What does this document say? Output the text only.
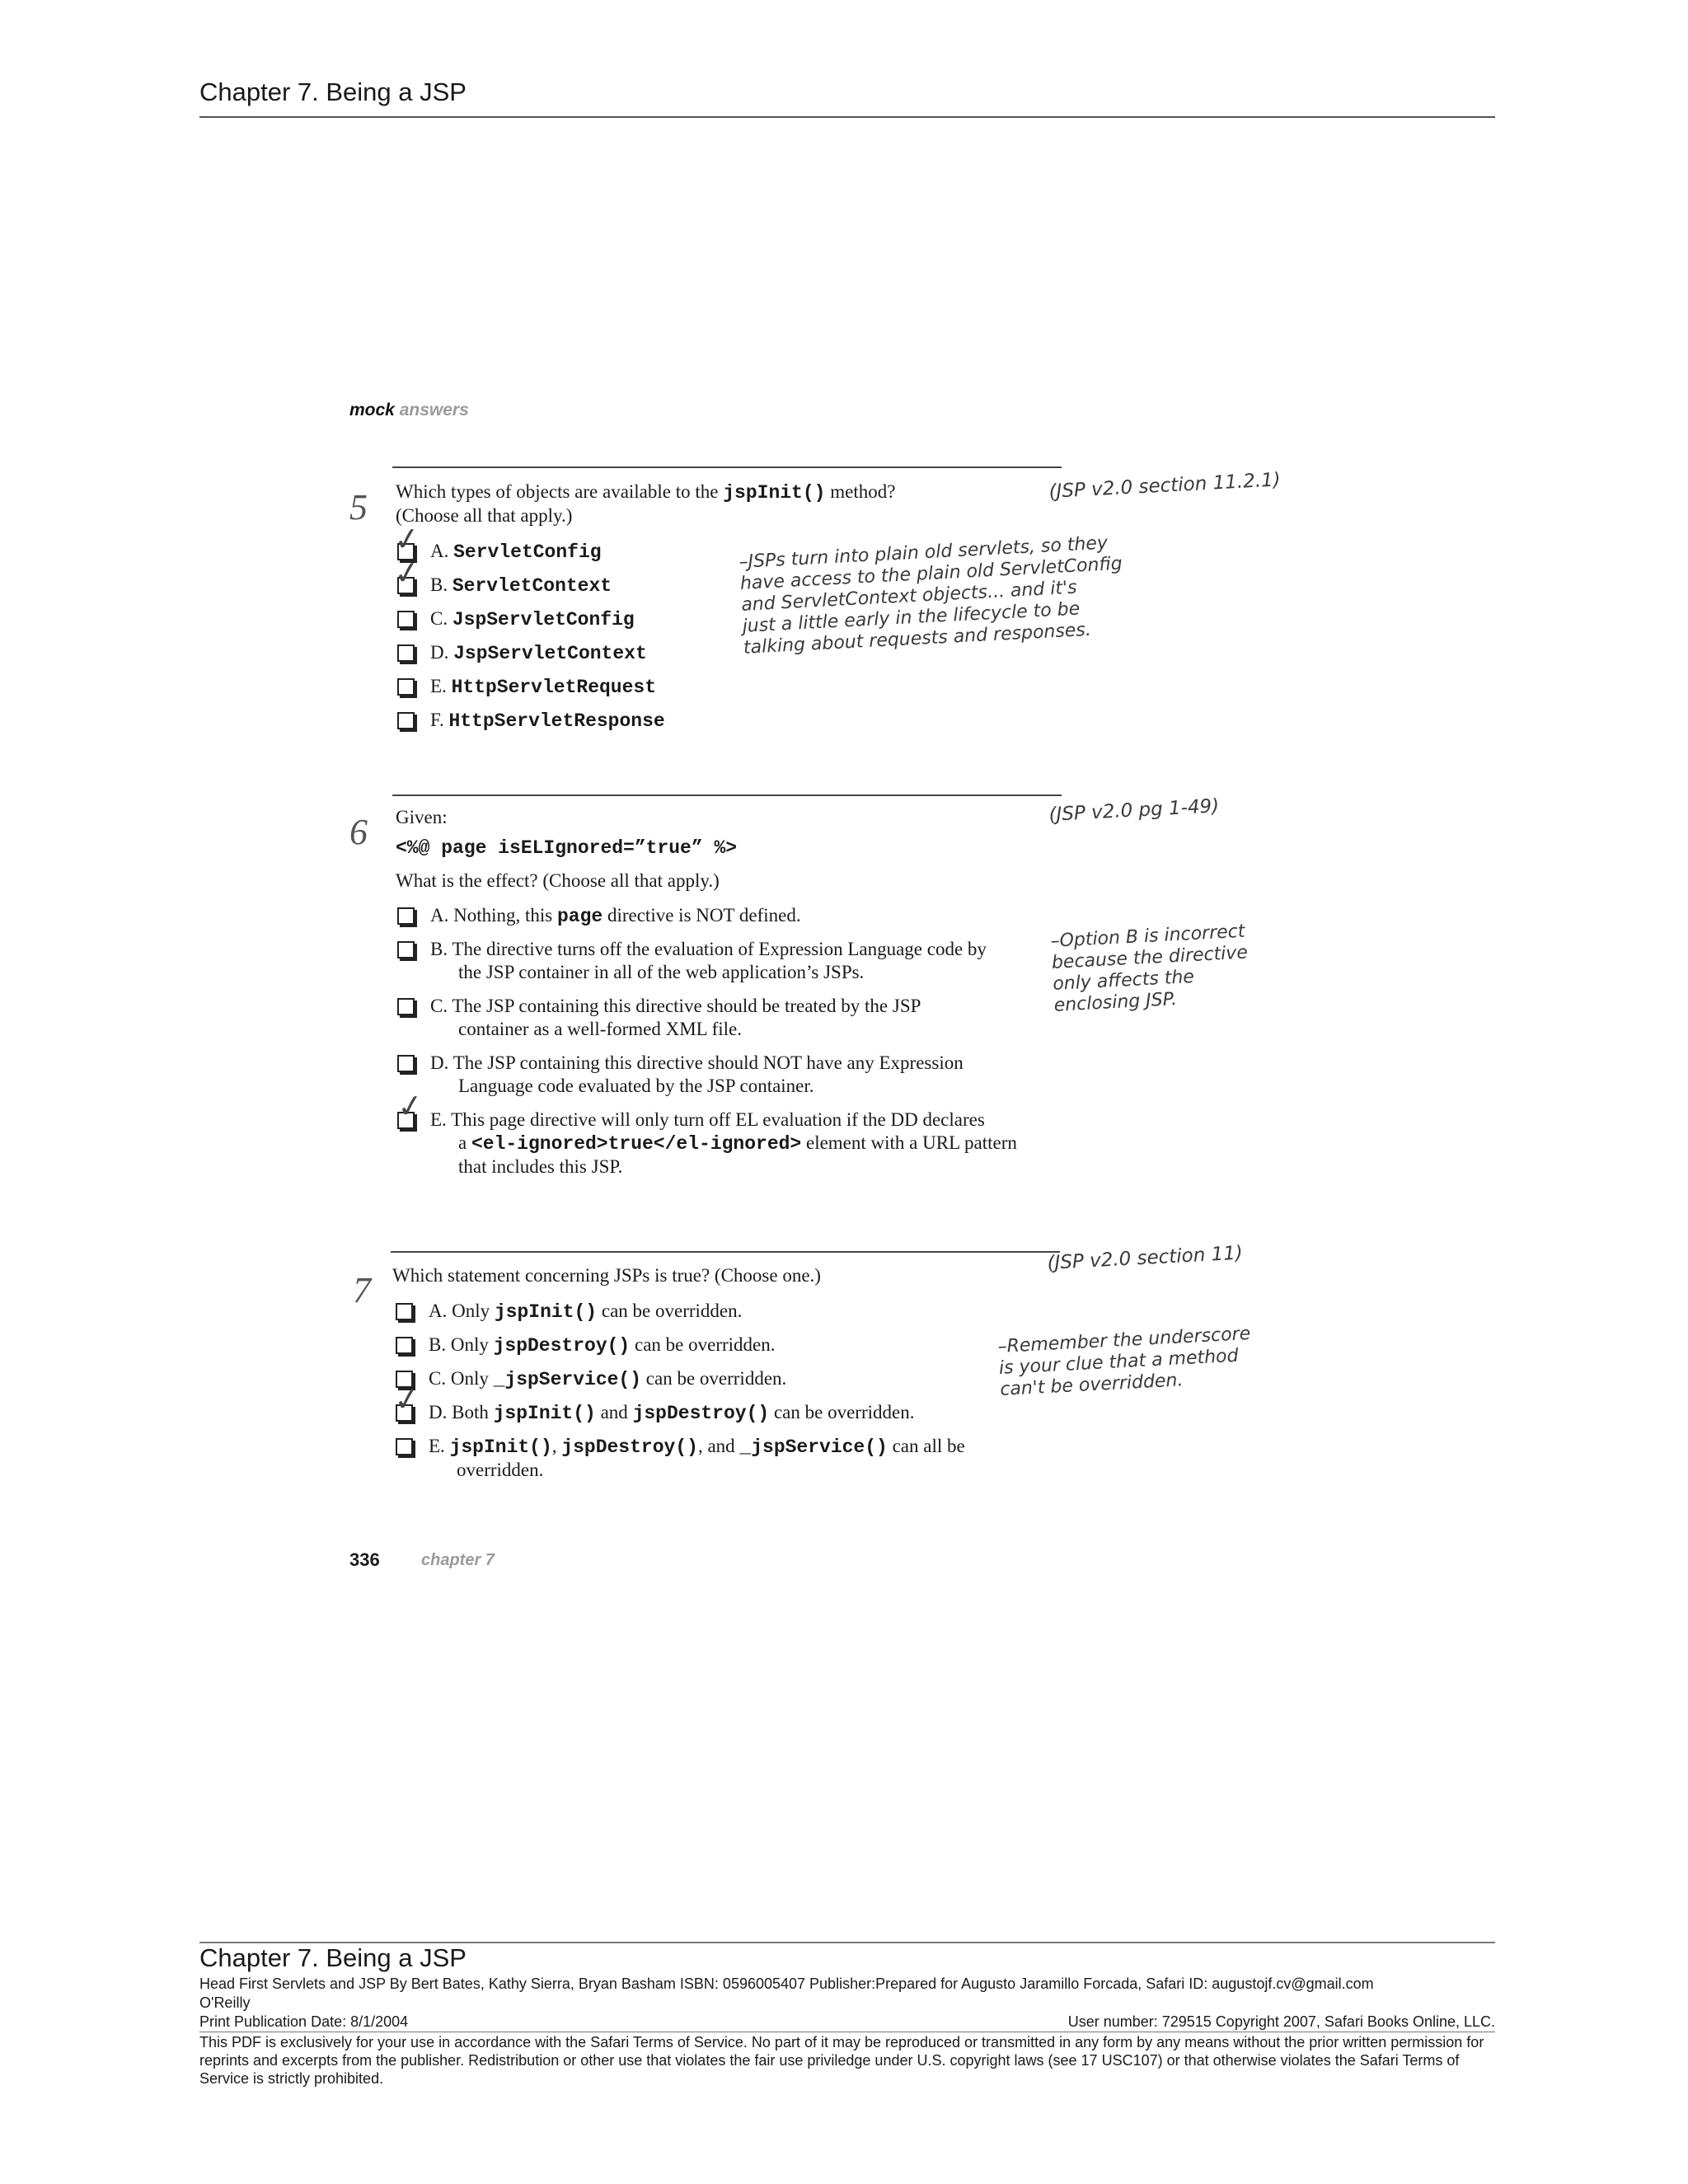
Chapter 7. Being a JSP
mock answers
5 Which types of objects are available to the jspInit() method?
(Choose all that apply.)
(JSP v2.0 section 11.2.1)
✓ A. ServletConfig
✓ B. ServletContext
C. JspServletConfig
D. JspServletContext
E. HttpServletRequest
F. HttpServletResponse
–JSPs turn into plain old servlets, so they
have access to the plain old ServletConfig
and ServletContext objects... and it's
just a little early in the lifecycle to be
talking about requests and responses.
6 Given:
<%@ page isELIgnored=”true” %>
What is the effect? (Choose all that apply.)
(JSP v2.0 pg 1-49)
A. Nothing, this page directive is NOT defined.
B. The directive turns off the evaluation of Expression Language code by
the JSP container in all of the web application’s JSPs.
C. The JSP containing this directive should be treated by the JSP
container as a well-formed XML file.
D. The JSP containing this directive should NOT have any Expression
Language code evaluated by the JSP container.
✓ E. This page directive will only turn off EL evaluation if the DD declares
a <el-ignored>true</el-ignored> element with a URL pattern
that includes this JSP.
–Option B is incorrect
because the directive
only affects the
enclosing JSP.
7 Which statement concerning JSPs is true? (Choose one.)
(JSP v2.0 section 11)
A. Only jspInit() can be overridden.
B. Only jspDestroy() can be overridden.
C. Only _jspService() can be overridden.
✓ D. Both jspInit() and jspDestroy() can be overridden.
E. jspInit(), jspDestroy(), and _jspService() can all be
overridden.
–Remember the underscore
is your clue that a method
can't be overridden.
336	chapter 7
Chapter 7. Being a JSP
Head First Servlets and JSP By Bert Bates, Kathy Sierra, Bryan Basham ISBN: 0596005407 Publisher:Prepared for Augusto Jaramillo Forcada, Safari ID: augustojf.cv@gmail.com
O'Reilly
Print Publication Date: 8/1/2004	User number: 729515 Copyright 2007, Safari Books Online, LLC.
This PDF is exclusively for your use in accordance with the Safari Terms of Service. No part of it may be reproduced or transmitted in any form by any means without the prior written permission for reprints and excerpts from the publisher. Redistribution or other use that violates the fair use priviledge under U.S. copyright laws (see 17 USC107) or that otherwise violates the Safari Terms of Service is strictly prohibited.
